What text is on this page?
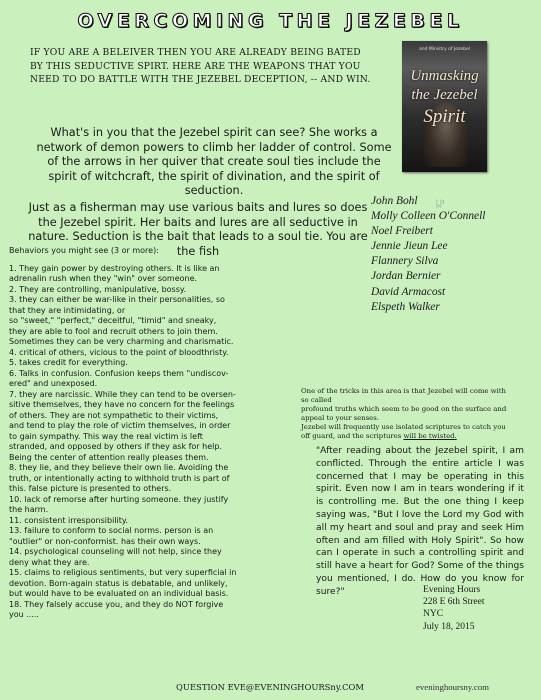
OVERCOMING THE JEZEBEL
IF YOU ARE A BELEIVER THEN YOU ARE ALREADY BEING BATED
BY THIS SEDUCTIVE SPIRT. HERE ARE THE WEAPONS THAT YOU
NEED TO DO BATTLE WITH THE JEZEBEL DECEPTION, -- AND WIN.
and Ministry of Jezebel
Unmasking
the Jezebel
Spirit
What's in you that the Jezebel spirit can see? She works a network of demon powers to climb her ladder of control. Some of the arrows in her quiver that create soul ties include the spirit of witchcraft, the spirit of divination, and the spirit of seduction.
Just as a fisherman may use various baits and lures so does the Jezebel spirit. Her baits and lures are all seductive in nature. Seduction is the bait that leads to a soul tie. You are the fish
John Bohl
Molly Colleen O'Connell
Noel Freibert
Jennie Jieun Lee
Flannery Silva
Jordan Bernier
David Armacost
Elspeth Walker
|,|¹
Behaviors you might see (3 or more):
1. They gain power by destroying others. It is like an
adrenalin rush when they "win" over someone.
2. They are controlling, manipulative, bossy.
3. they can either be war-like in their personalities, so
that they are intimidating, or
so "sweet," "perfect," deceitful, "timid" and sneaky,
they are able to fool and recruit others to join them.
Sometimes they can be very charming and charismatic.
4. critical of others, vicious to the point of bloodthristy.
5. takes credit for everything.
6. Talks in confusion. Confusion keeps them "undiscov-
ered" and unexposed.
7. they are narcissic. While they can tend to be oversen-
sitive themselves, they have no concern for the feelings
of others. They are not sympathetic to their victims,
and tend to play the role of victim themselves, in order
to gain sympathy. This way the real victim is left
stranded, and opposed by others if they ask for help.
Being the center of attention really pleases them.
8. they lie, and they believe their own lie. Avoiding the
truth, or intentionally acting to withhold truth is part of
this. false picture is presented to others.
10. lack of remorse after hurting someone. they justify
the harm.
11. consistent irresponsibility.
13. failure to conform to social norms. person is an
"outlier" or non-conformist. has their own ways.
14. psychological counseling will not help, since they
deny what they are.
15. claims to religious sentiments, but very superficial in
devotion. Born-again status is debatable, and unlikely,
but would have to be evaluated on an individual basis.
18. They falsely accuse you, and they do NOT forgive
you .....
One of the tricks in this area is that Jezebel will come with
so called
profound truths which seem to be good on the surface and
appeal to your senses.
Jezebel will frequently use isolated scriptures to catch you
off guard, and the scriptures will be twisted.
"After reading about the Jezebel spirit, I am conflicted. Through the entire article I was concerned that I may be operating in this spirit. Even now I am in tears wondering if it is controlling me. But the one thing I keep saying was, "But I love the Lord my God with all my heart and soul and pray and seek Him often and am filled with Holy Spirit". So how can I operate in such a controlling spirit and still have a heart for God? Some of the things you mentioned, I do. How do you know for sure?"	Evening Hours
228 E 6th Street
NYC
July 18, 2015
QUESTION EVE@EVENINGHOURSny.COM	eveninghoursny.com
